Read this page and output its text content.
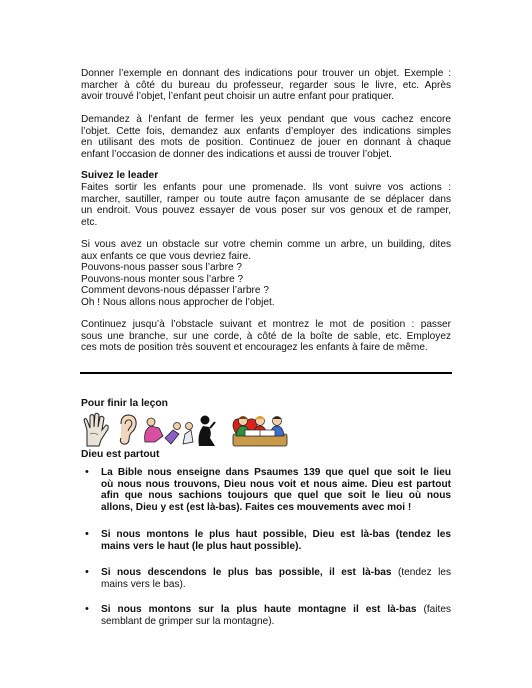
Donner l’exemple en donnant des indications pour trouver un objet. Exemple :
marcher à côté du bureau du professeur, regarder sous le livre, etc. Après
avoir trouvé l’objet, l’enfant peut choisir un autre enfant pour pratiquer.
Demandez à l’enfant de fermer les yeux pendant que vous cachez encore
l’objet. Cette fois, demandez aux enfants d’employer des indications simples
en utilisant des mots de position. Continuez de jouer en donnant à chaque
enfant l’occasion de donner des indications et aussi de trouver l’objet.

Suivez le leader

Faites sortir les enfants pour une promenade. Ils vont suivre vos actions :
marcher, sautiller, ramper ou toute autre façon amusante de se déplacer dans
un endroit. Vous pouvez essayer de vous poser sur vos genoux et de ramper,
etc.
Si vous avez un obstacle sur votre chemin comme un arbre, un building, dites
aux enfants ce que vous devriez faire.
Pouvons-nous passer sous l’arbre ?
Pouvons-nous monter sous l’arbre ?
Comment devons-nous dépasser l’arbre ?
Oh ! Nous allons nous approcher de l’objet.
Continuez jusqu’à l’obstacle suivant et montrez le mot de position : passer
sous une branche, sur une corde, à côté de la boîte de sable, etc. Employez
ces mots de position très souvent et encouragez les enfants à faire de même.

Pour finir la leçon

Dieu est partout

• La Bible nous enseigne dans Psaumes 139 que quel que soit le lieu
où nous nous trouvons, Dieu nous voit et nous aime. Dieu est partout
afin que nous sachions toujours que quel que soit le lieu où nous
allons, Dieu y est (est là-bas). Faites ces mouvements avec moi !
• Si nous montons le plus haut possible, Dieu est là-bas (tendez les
mains vers le haut (le plus haut possible).
• Si nous descendons le plus bas possible, il est là-bas (tendez les
mains vers le bas).
• Si nous montons sur la plus haute montagne il est là-bas (faites
semblant de grimper sur la montagne).
